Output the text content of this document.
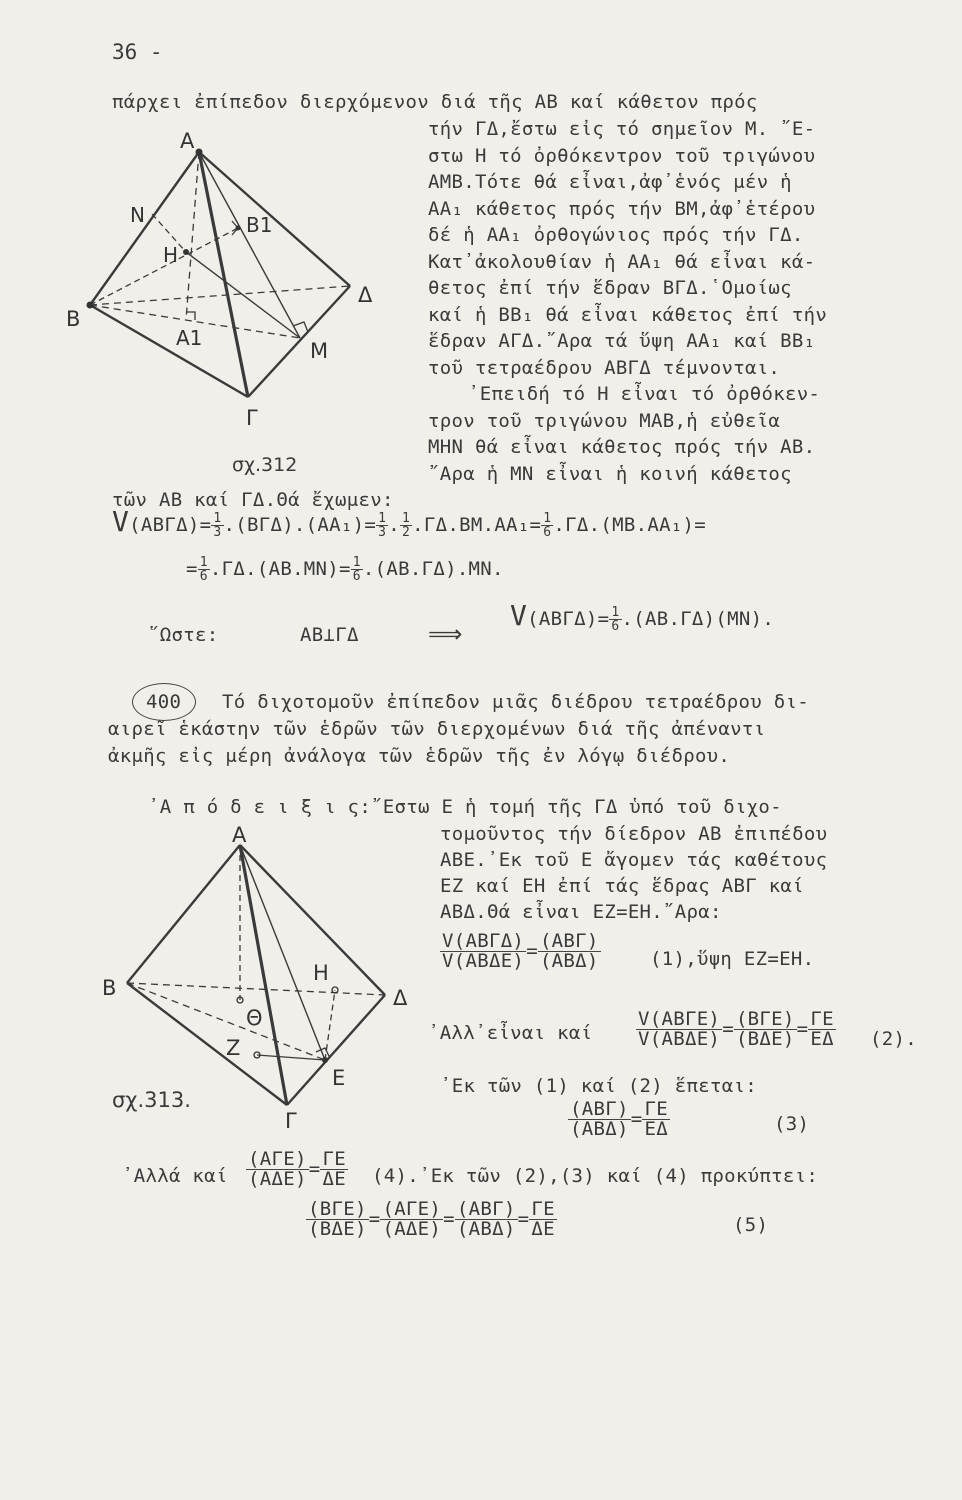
36 -
πάρχει ἐπίπεδον διερχόμενον διά τῆς AB καί κάθετον πρός
A
N	B1
H
Δ
B
A1
M
Γ
τήν ΓΔ,ἔστω εἰς τό σημεῖον M. ῎Ε-
στω H τό ὀρθόκεντρον τοῦ τριγώνου
AMB.Τότε θά εἶναι,ἀφ᾽ἑνός μέν ἡ
AA₁ κάθετος πρός τήν BM,ἀφ᾽ἑτέρου
δέ ἡ AA₁ ὀρθογώνιος πρός τήν ΓΔ.
Κατ᾽ἀκολουθίαν ἡ AA₁ θά εἶναι κά-
θετος ἐπί τήν ἕδραν BΓΔ.῾Ομοίως
καί ἡ BB₁ θά εἶναι κάθετος ἐπί τήν
ἕδραν AΓΔ.῎Αρα τά ὕψη AA₁ καί BB₁
τοῦ τετραέδρου ABΓΔ τέμνονται.
᾽Επειδή τό H εἶναι τό ὀρθόκεν-
τρον τοῦ τριγώνου MAB,ἡ εὐθεῖα
MHN θά εἶναι κάθετος πρός τήν AB.
σχ.312	῎Αρα ἡ MN εἶναι ἡ κοινή κάθετος
τῶν AB καί ΓΔ.Θά ἔχωμεν:
$V(AB\Gamma\Delta)= \frac{1}{3} .(B\Gamma\Delta).(AA_1)= \frac{1}{3}$ . $\frac{1}{2} .\Gamma\Delta.BM.AA_1= \frac{1}{6} .\Gamma\Delta.(MB.AA_1)=$
= $\frac{1}{6} .\Gamma\Delta.(AB.MN)= \frac{1}{6} .(AB.\Gamma\Delta).MN$.
῞Ωστε:	AB⊥ΓΔ	⟹
$V(AB\Gamma\Delta)= \frac{1}{6} .(AB.\Gamma\Delta)(MN)$.
400 Τό διχοτομοῦν ἐπίπεδον μιᾶς διέδρου τετραέδρου δι-
αιρεῖ ἑκάστην τῶν ἑδρῶν τῶν διερχομένων διά τῆς ἀπέναντι
ἀκμῆς εἰς μέρη ἀνάλογα τῶν ἑδρῶν τῆς ἐν λόγῳ διέδρου.
᾽Α π ό δ ε ι ξ ι ς:῎Εστω E ἡ τομή τῆς ΓΔ ὑπό τοῦ διχο-
τομοῦντος τήν δίεδρον AB ἐπιπέδου
ABE.᾽Εκ τοῦ E ἄγομεν τάς καθέτους
EZ καί EH ἐπί τάς ἕδρας ABΓ καί
ABΔ.Θά εἶναι EZ=EH.῎Αρα:
A
B
H
Θ
Δ
Z
E
Γ
σχ.313.
V(ABΓΔ)
V(ABΔE) = (ABΓ)
(ABΔ)	(1),ὕψη EZ=EH.
᾽Αλλ᾽εἶναι καί
V(ABΓE)
V(ABΔE) = (BΓE)
$(B\Delta E) = \frac{\Gamma E}{E\Delta} (2)$.
᾽Εκ τῶν (1) καί (2) ἕπεται:
(ABΓ)
$(AB\Delta) = \frac{\Gamma E}{E\Delta}$	(3)
᾽Αλλά καί
(AΓE)
$(A\Delta E) = \frac{\Gamma E}{\Delta E}$ (4).᾽Εκ τῶν (2),(3) καί (4) προκύπτει:
(BΓE)
(BΔE) = (AΓE)
(AΔE) = (ABΓ)
$(AB\Delta) = \frac{\Gamma E}{\Delta E}$	(5)
